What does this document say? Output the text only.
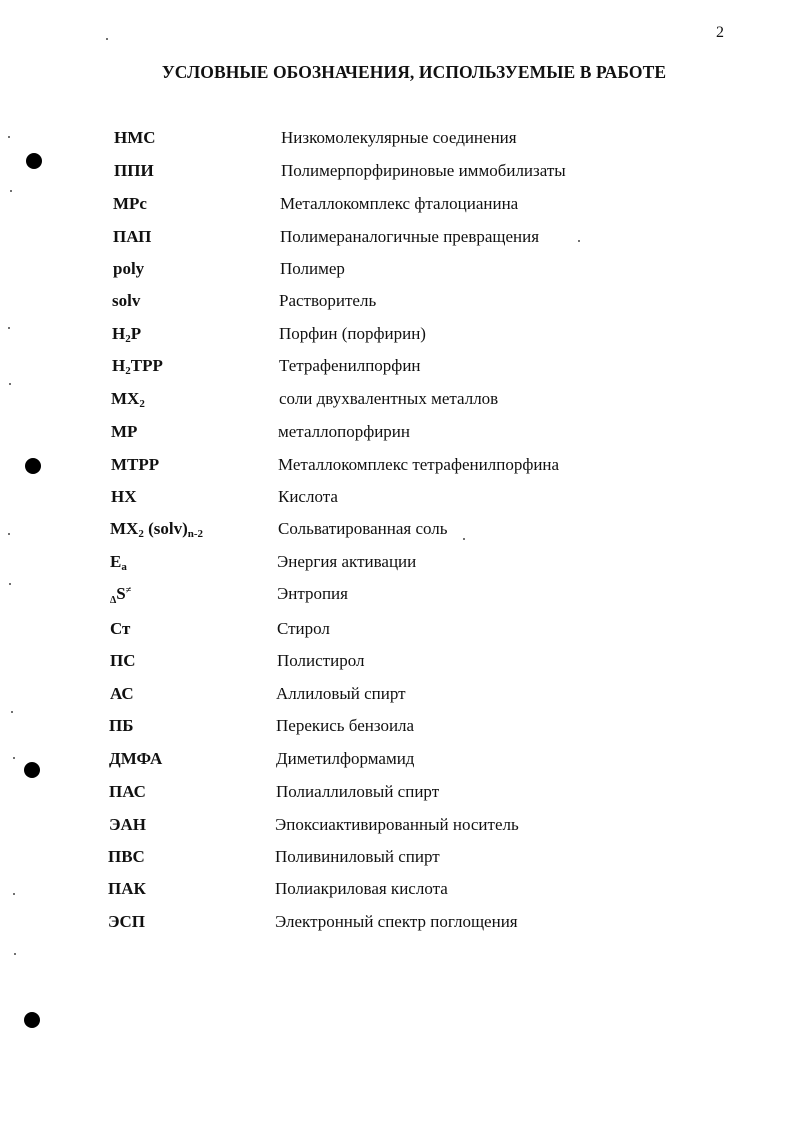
2
УСЛОВНЫЕ ОБОЗНАЧЕНИЯ, ИСПОЛЬЗУЕМЫЕ В РАБОТЕ
НМС	Низкомолекулярные соединения
ППИ	Полимерпорфириновые иммобилизаты
MPc	Металлокомплекс фталоцианина
ПАП	Полимераналогичные превращения
poly	Полимер
solv	Растворитель
$H_2P$	Порфин (порфирин)
$H_2TPP$	Тетрафенилпорфин
$MX_2$	соли двухвалентных металлов
MP	металлопорфирин
MTPP	Металлокомплекс тетрафенилпорфина
HX	Кислота
$MX_2$ $(solv)_{n-2}$	Сольватированная соль
$E_a$	Энергия активации
$_\Delta$S≠	Энтропия
Ст	Стирол
ПС	Полистирол
АС	Аллиловый спирт
ПБ	Перекись бензоила
ДМФА	Диметилформамид
ПАС	Полиаллиловый спирт
ЭАН	Эпоксиактивированный носитель
ПВС	Поливиниловый спирт
ПАК	Полиакриловая кислота
ЭСП	Электронный спектр поглощения
